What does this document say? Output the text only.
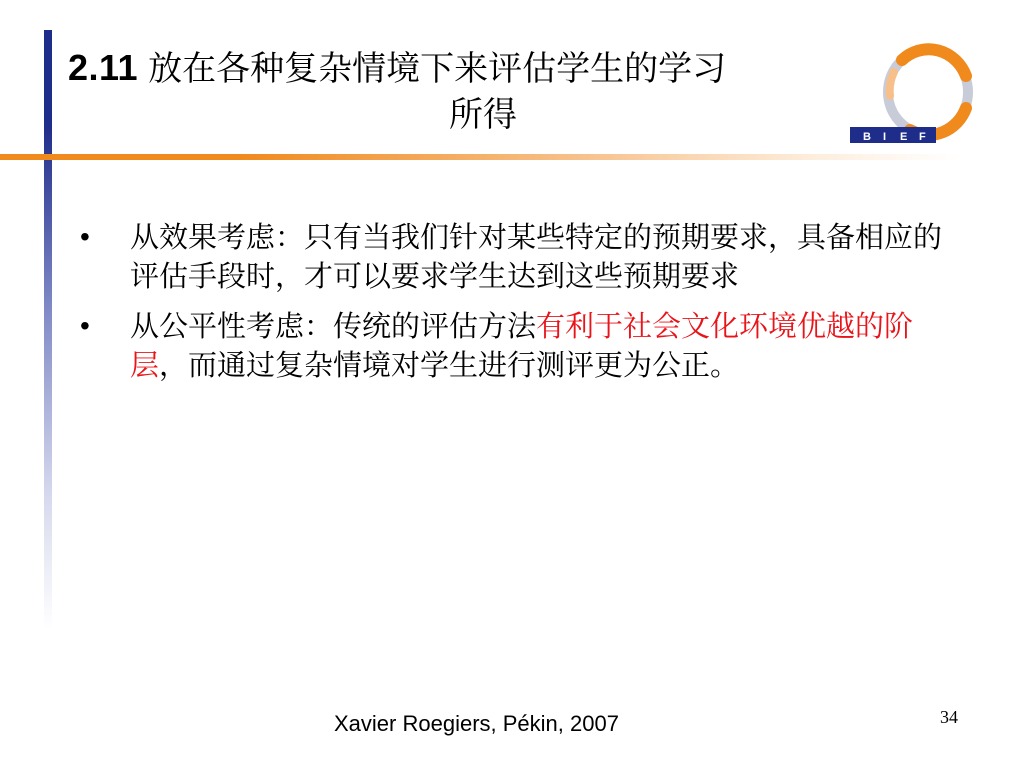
2.11 放在各种复杂情境下来评估学生的学习
所得
B I E F
• 从效果考虑：只有当我们针对某些特定的预期要求，具备相应的评估手段时，才可以要求学生达到这些预期要求
• 从公平性考虑：传统的评估方法有利于社会文化环境优越的阶层，而通过复杂情境对学生进行测评更为公正。
Xavier Roegiers, Pékin, 2007	34
